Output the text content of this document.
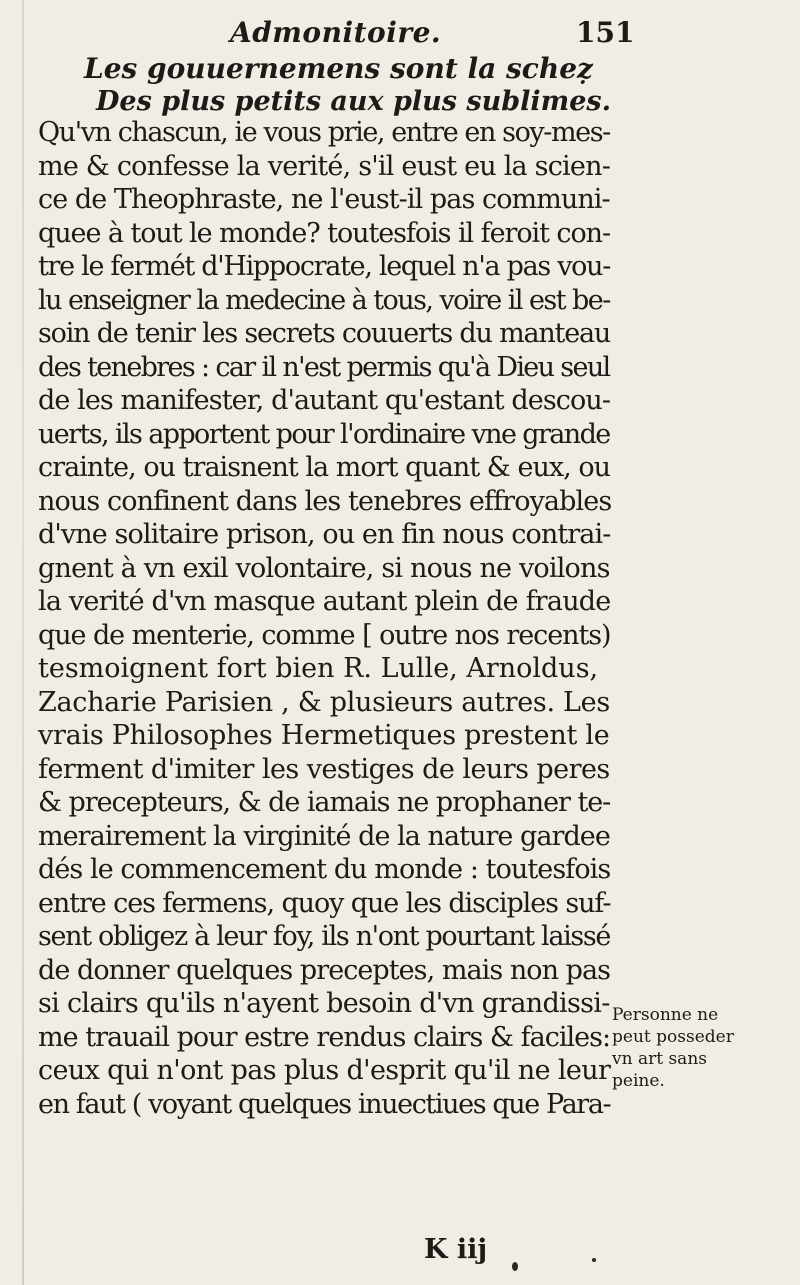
Admonitoire.	151
Les gouuernemens sont la scheẓ
Des plus petits aux plus sublimes.
Qu'vn chascun, ie vous prie, entre en soy-mes-
me & confesse la verité, s'il eust eu la scien-
ce de Theophraste, ne l'eust-il pas communi-
quee à tout le monde? toutesfois il feroit con-
tre le fermét d'Hippocrate, lequel n'a pas vou-
lu enseigner la medecine à tous, voire il est be-
soin de tenir les secrets couuerts du manteau
des tenebres : car il n'est permis qu'à Dieu seul
de les manifester, d'autant qu'estant descou-
uerts, ils apportent pour l'ordinaire vne grande
crainte, ou traisnent la mort quant & eux, ou
nous confinent dans les tenebres effroyables
d'vne solitaire prison, ou en fin nous contrai-
gnent à vn exil volontaire, si nous ne voilons
la verité d'vn masque autant plein de fraude
que de menterie, comme [ outre nos recents)
tesmoignent fort bien R. Lulle, Arnoldus,
Zacharie Parisien , & plusieurs autres. Les
vrais Philosophes Hermetiques prestent le
ferment d'imiter les vestiges de leurs peres
& precepteurs, & de iamais ne prophaner te-
merairement la virginité de la nature gardee
dés le commencement du monde : toutesfois
entre ces fermens, quoy que les disciples suf-
sent obligez à leur foy, ils n'ont pourtant laissé
de donner quelques preceptes, mais non pas
si clairs qu'ils n'ayent besoin d'vn grandissi-
me trauail pour estre rendus clairs & faciles:
ceux qui n'ont pas plus d'esprit qu'il ne leur
en faut ( voyant quelques inuectiues que Para-
Personne ne
peut posseder
vn art sans
peine.
K iij
